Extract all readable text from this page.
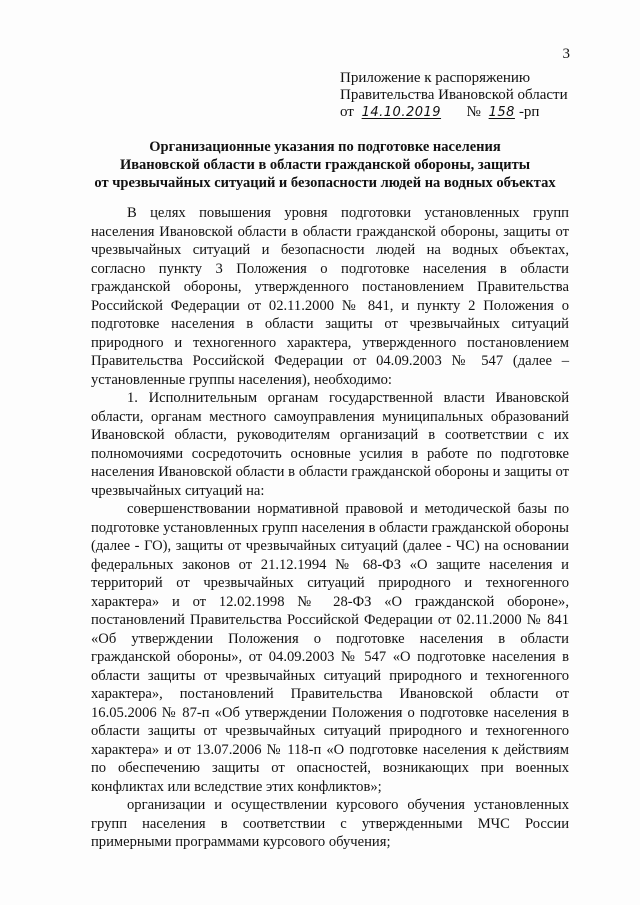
3
Приложение к распоряжению
Правительства Ивановской области
от 14.10.2019 № 158 -рп
Организационные указания по подготовке населения
Ивановской области в области гражданской обороны, защиты
от чрезвычайных ситуаций и безопасности людей на водных объектах

В целях повышения уровня подготовки установленных групп населения Ивановской области в области гражданской обороны, защиты от чрезвычайных ситуаций и безопасности людей на водных объектах, согласно пункту 3 Положения о подготовке населения в области гражданской обороны, утвержденного постановлением Правительства Российской Федерации от 02.11.2000 № 841, и пункту 2 Положения о подготовке населения в области защиты от чрезвычайных ситуаций природного и техногенного характера, утвержденного постановлением Правительства Российской Федерации от 04.09.2003 № 547 (далее – установленные группы населения), необходимо:

1. Исполнительным органам государственной власти Ивановской области, органам местного самоуправления муниципальных образований Ивановской области, руководителям организаций в соответствии с их полномочиями сосредоточить основные усилия в работе по подготовке населения Ивановской области в области гражданской обороны и защиты от чрезвычайных ситуаций на:

совершенствовании нормативной правовой и методической базы по подготовке установленных групп населения в области гражданской обороны (далее - ГО), защиты от чрезвычайных ситуаций (далее - ЧС) на основании федеральных законов от 21.12.1994 № 68-ФЗ «О защите населения и территорий от чрезвычайных ситуаций природного и техногенного характера» и от 12.02.1998 № 28-ФЗ «О гражданской обороне», постановлений Правительства Российской Федерации от 02.11.2000 № 841 «Об утверждении Положения о подготовке населения в области гражданской обороны», от 04.09.2003 № 547 «О подготовке населения в области защиты от чрезвычайных ситуаций природного и техногенного характера», постановлений Правительства Ивановской области от 16.05.2006 № 87-п «Об утверждении Положения о подготовке населения в области защиты от чрезвычайных ситуаций природного и техногенного характера» и от 13.07.2006 № 118-п «О подготовке населения к действиям по обеспечению защиты от опасностей, возникающих при военных конфликтах или вследствие этих конфликтов»;

организации и осуществлении курсового обучения установленных групп населения в соответствии с утвержденными МЧС России примерными программами курсового обучения;
